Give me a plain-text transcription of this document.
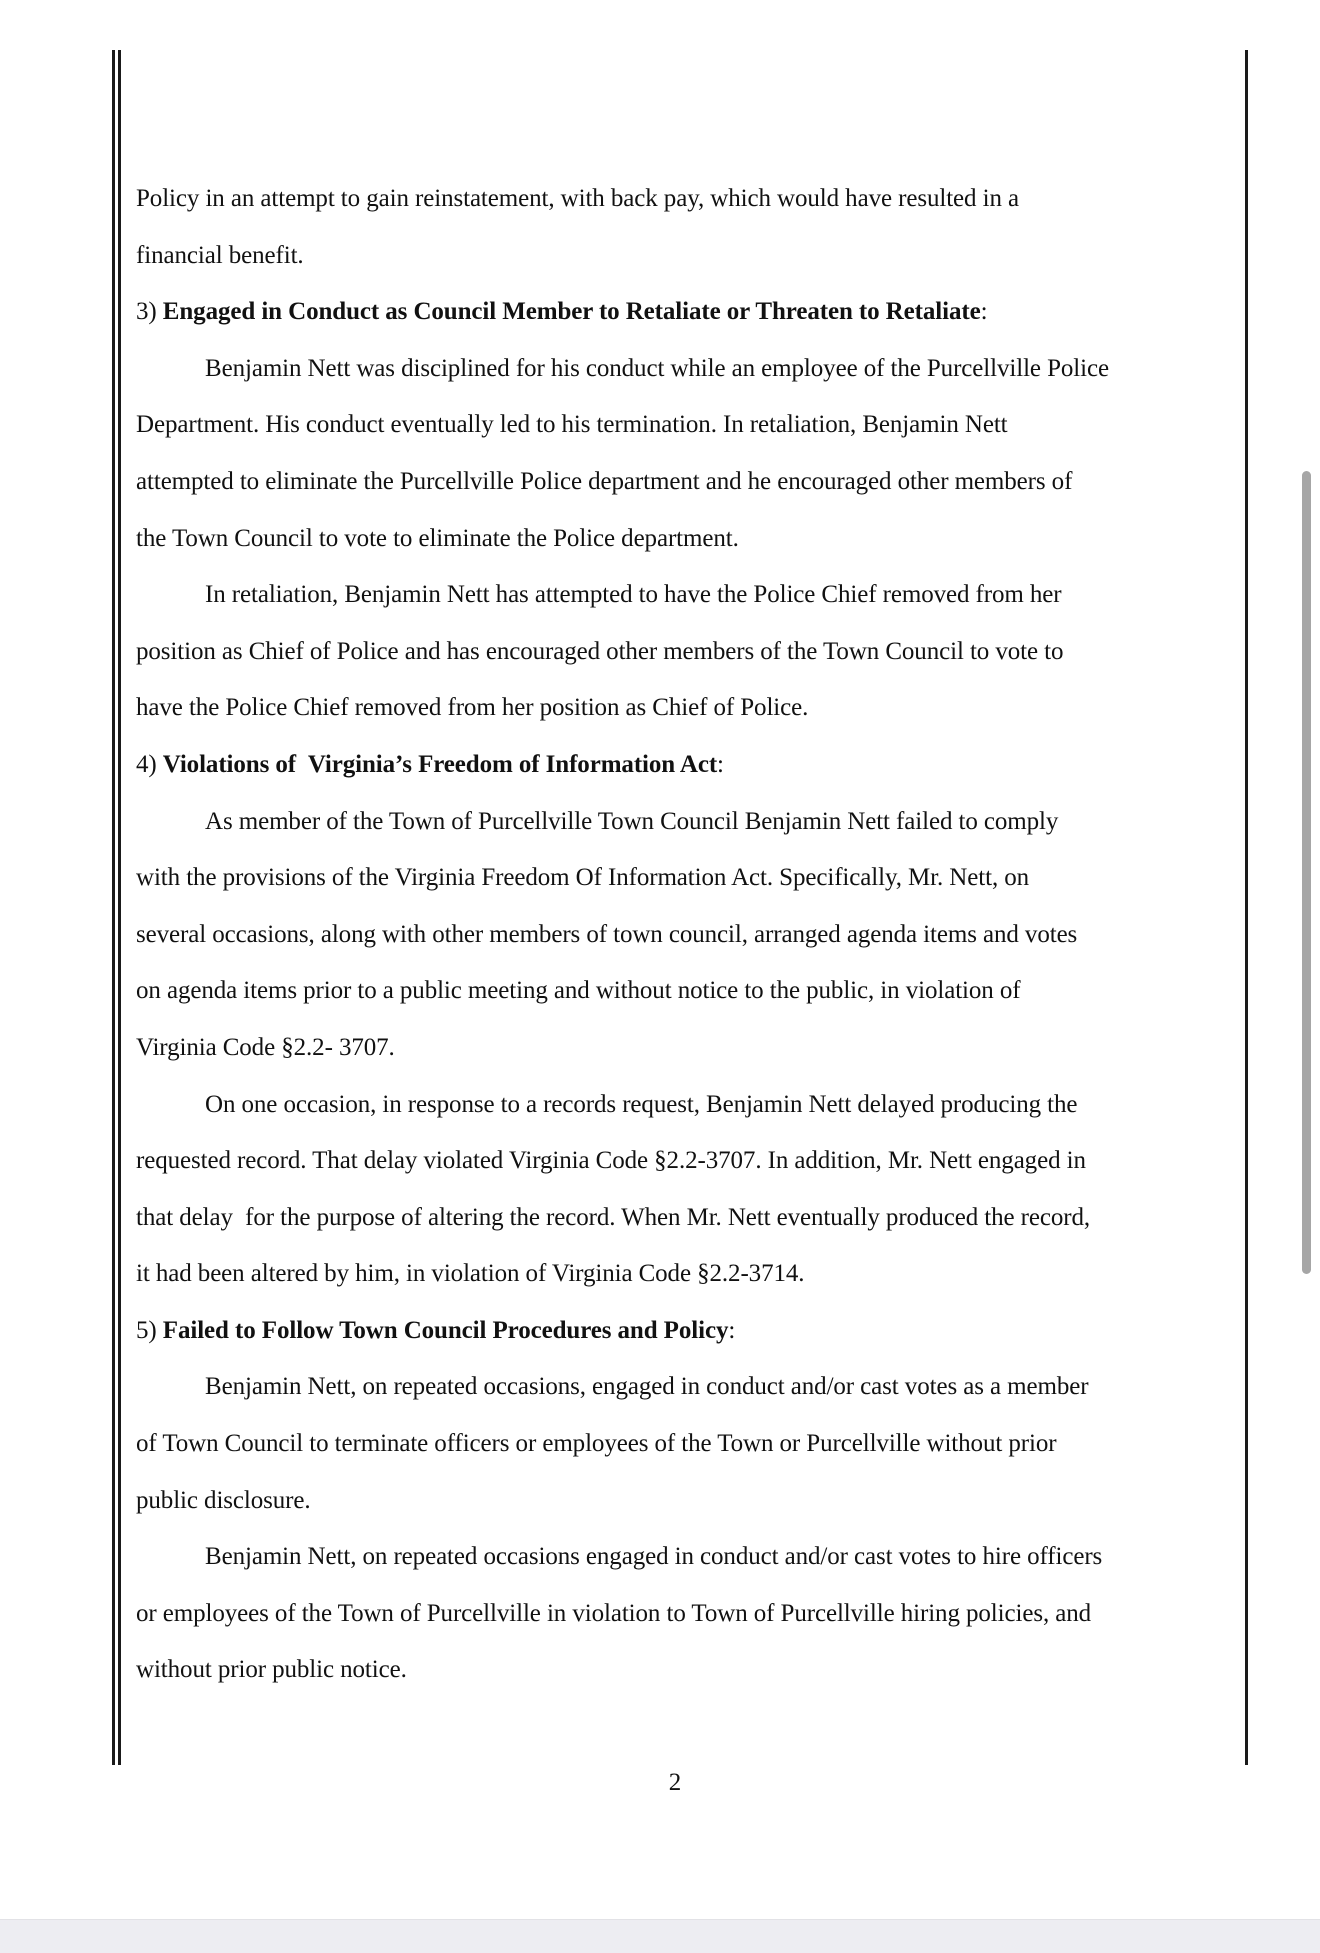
Policy in an attempt to gain reinstatement, with back pay, which would have resulted in a
financial benefit.
3) Engaged in Conduct as Council Member to Retaliate or Threaten to Retaliate:
Benjamin Nett was disciplined for his conduct while an employee of the Purcellville Police
Department. His conduct eventually led to his termination. In retaliation, Benjamin Nett
attempted to eliminate the Purcellville Police department and he encouraged other members of
the Town Council to vote to eliminate the Police department.
In retaliation, Benjamin Nett has attempted to have the Police Chief removed from her
position as Chief of Police and has encouraged other members of the Town Council to vote to
have the Police Chief removed from her position as Chief of Police.
4) Violations of  Virginia’s Freedom of Information Act:
As member of the Town of Purcellville Town Council Benjamin Nett failed to comply
with the provisions of the Virginia Freedom Of Information Act. Specifically, Mr. Nett, on
several occasions, along with other members of town council, arranged agenda items and votes
on agenda items prior to a public meeting and without notice to the public, in violation of
Virginia Code §2.2- 3707.
On one occasion, in response to a records request, Benjamin Nett delayed producing the
requested record. That delay violated Virginia Code §2.2-3707. In addition, Mr. Nett engaged in
that delay  for the purpose of altering the record. When Mr. Nett eventually produced the record,
it had been altered by him, in violation of Virginia Code §2.2-3714.
5) Failed to Follow Town Council Procedures and Policy:
Benjamin Nett, on repeated occasions, engaged in conduct and/or cast votes as a member
of Town Council to terminate officers or employees of the Town or Purcellville without prior
public disclosure.
Benjamin Nett, on repeated occasions engaged in conduct and/or cast votes to hire officers
or employees of the Town of Purcellville in violation to Town of Purcellville hiring policies, and
without prior public notice.
2
